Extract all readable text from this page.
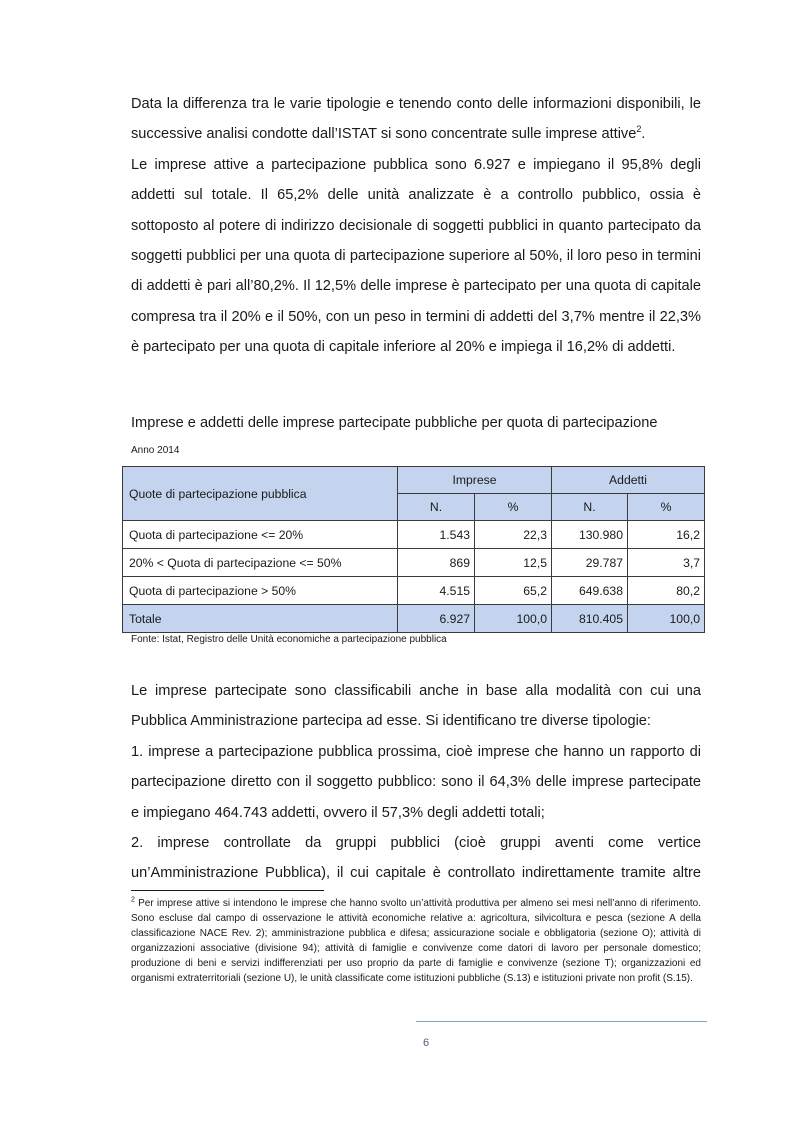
Data la differenza tra le varie tipologie e tenendo conto delle informazioni disponibili, le successive analisi condotte dall’ISTAT si sono concentrate sulle imprese attive$^2$.

Le imprese attive a partecipazione pubblica sono 6.927 e impiegano il 95,8% degli addetti sul totale. Il 65,2% delle unità analizzate è a controllo pubblico, ossia è sottoposto al potere di indirizzo decisionale di soggetti pubblici in quanto partecipato da soggetti pubblici per una quota di partecipazione superiore al 50%, il loro peso in termini di addetti è pari all’80,2%. Il 12,5% delle imprese è partecipato per una quota di capitale compresa tra il 20% e il 50%, con un peso in termini di addetti del 3,7% mentre il 22,3% è partecipato per una quota di capitale inferiore al 20% e impiega il 16,2% di addetti.

Imprese e addetti delle imprese partecipate pubbliche per quota di partecipazione

Anno 2014

Quote di partecipazione pubblica	Imprese		Addetti	
	N.	%	N.	%
Quota di partecipazione <= 20%	1.543	22,3	130.980	16,2
20% < Quota di partecipazione <= 50%	869	12,5	29.787	3,7
Quota di partecipazione > 50%	4.515	65,2	649.638	80,2
Totale	6.927	100,0	810.405	100,0

Fonte: Istat, Registro delle Unità economiche a partecipazione pubblica

Le imprese partecipate sono classificabili anche in base alla modalità con cui una Pubblica Amministrazione partecipa ad esse. Si identificano tre diverse tipologie:

1. imprese a partecipazione pubblica prossima, cioè imprese che hanno un rapporto di partecipazione diretto con il soggetto pubblico: sono il 64,3% delle imprese partecipate e impiegano 464.743 addetti, ovvero il 57,3% degli addetti totali;

2. imprese controllate da gruppi pubblici (cioè gruppi aventi come vertice un’Amministrazione Pubblica), il cui capitale è controllato indirettamente tramite altre

$^2$ Per imprese attive si intendono le imprese che hanno svolto un’attività produttiva per almeno sei mesi nell’anno di riferimento. Sono escluse dal campo di osservazione le attività economiche relative a: agricoltura, silvicoltura e pesca (sezione A della classificazione NACE Rev. 2); amministrazione pubblica e difesa; assicurazione sociale e obbligatoria (sezione O); attività di organizzazioni associative (divisione 94); attività di famiglie e convivenze come datori di lavoro per personale domestico; produzione di beni e servizi indifferenziati per uso proprio da parte di famiglie e convivenze (sezione T); organizzazioni ed organismi extraterritoriali (sezione U), le unità classificate come istituzioni pubbliche (S.13) e istituzioni private non profit (S.15).

6
